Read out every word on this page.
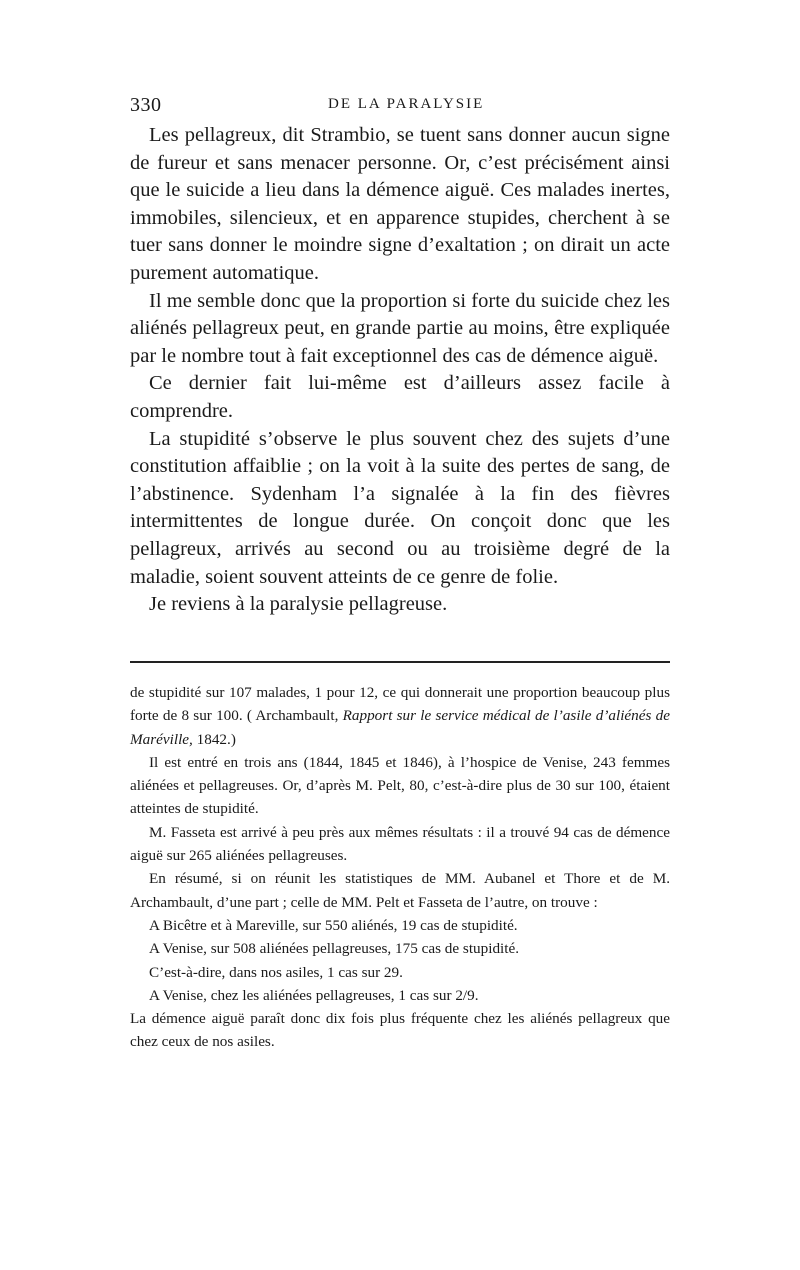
330	DE LA PARALYSIE

Les pellagreux, dit Strambio, se tuent sans donner aucun signe de fureur et sans menacer personne. Or, c’est précisément ainsi que le suicide a lieu dans la démence aiguë. Ces malades inertes, immobiles, silencieux, et en apparence stupides, cherchent à se tuer sans donner le moindre signe d’exaltation ; on dirait un acte purement automatique.

Il me semble donc que la proportion si forte du suicide chez les aliénés pellagreux peut, en grande partie au moins, être expliquée par le nombre tout à fait exceptionnel des cas de démence aiguë.

Ce dernier fait lui-même est d’ailleurs assez facile à comprendre.

La stupidité s’observe le plus souvent chez des sujets d’une constitution affaiblie ; on la voit à la suite des pertes de sang, de l’abstinence. Sydenham l’a signalée à la fin des fièvres intermittentes de longue durée. On conçoit donc que les pellagreux, arrivés au second ou au troisième degré de la maladie, soient souvent atteints de ce genre de folie.

Je reviens à la paralysie pellagreuse.

de stupidité sur 107 malades, 1 pour 12, ce qui donnerait une proportion beaucoup plus forte de 8 sur 100. ( Archambault, Rapport sur le service médical de l’asile d’aliénés de Maréville, 1842.)

Il est entré en trois ans (1844, 1845 et 1846), à l’hospice de Venise, 243 femmes aliénées et pellagreuses. Or, d’après M. Pelt, 80, c’est-à-dire plus de 30 sur 100, étaient atteintes de stupidité.

M. Fasseta est arrivé à peu près aux mêmes résultats : il a trouvé 94 cas de démence aiguë sur 265 aliénées pellagreuses.

En résumé, si on réunit les statistiques de MM. Aubanel et Thore et de M. Archambault, d’une part ; celle de MM. Pelt et Fasseta de l’autre, on trouve :

A Bicêtre et à Mareville, sur 550 aliénés, 19 cas de stupidité.

A Venise, sur 508 aliénées pellagreuses, 175 cas de stupidité.

C’est-à-dire, dans nos asiles, 1 cas sur 29.

A Venise, chez les aliénées pellagreuses, 1 cas sur 2/9.

La démence aiguë paraît donc dix fois plus fréquente chez les aliénés pellagreux que chez ceux de nos asiles.
